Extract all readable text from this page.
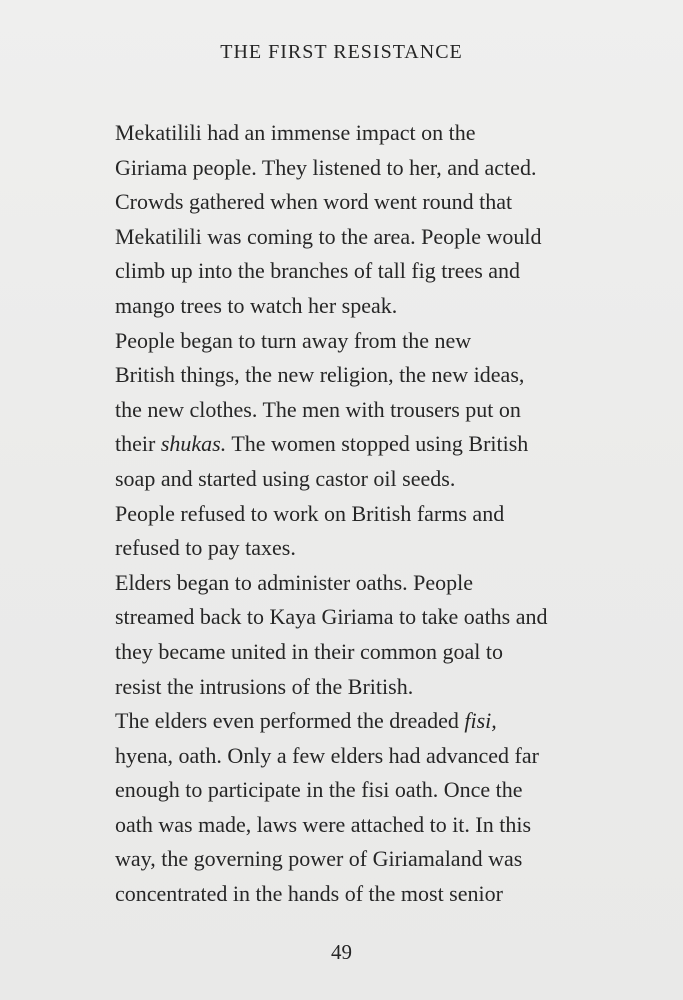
THE FIRST RESISTANCE

Mekatilili had an immense impact on the
Giriama people. They listened to her, and acted.
Crowds gathered when word went round that
Mekatilili was coming to the area. People would
climb up into the branches of tall fig trees and
mango trees to watch her speak.

People began to turn away from the new
British things, the new religion, the new ideas,
the new clothes. The men with trousers put on
their shukas. The women stopped using British
soap and started using castor oil seeds.

People refused to work on British farms and
refused to pay taxes.

Elders began to administer oaths. People
streamed back to Kaya Giriama to take oaths and
they became united in their common goal to
resist the intrusions of the British.

The elders even performed the dreaded fisi,
hyena, oath. Only a few elders had advanced far
enough to participate in the fisi oath. Once the
oath was made, laws were attached to it. In this
way, the governing power of Giriamaland was
concentrated in the hands of the most senior

49
